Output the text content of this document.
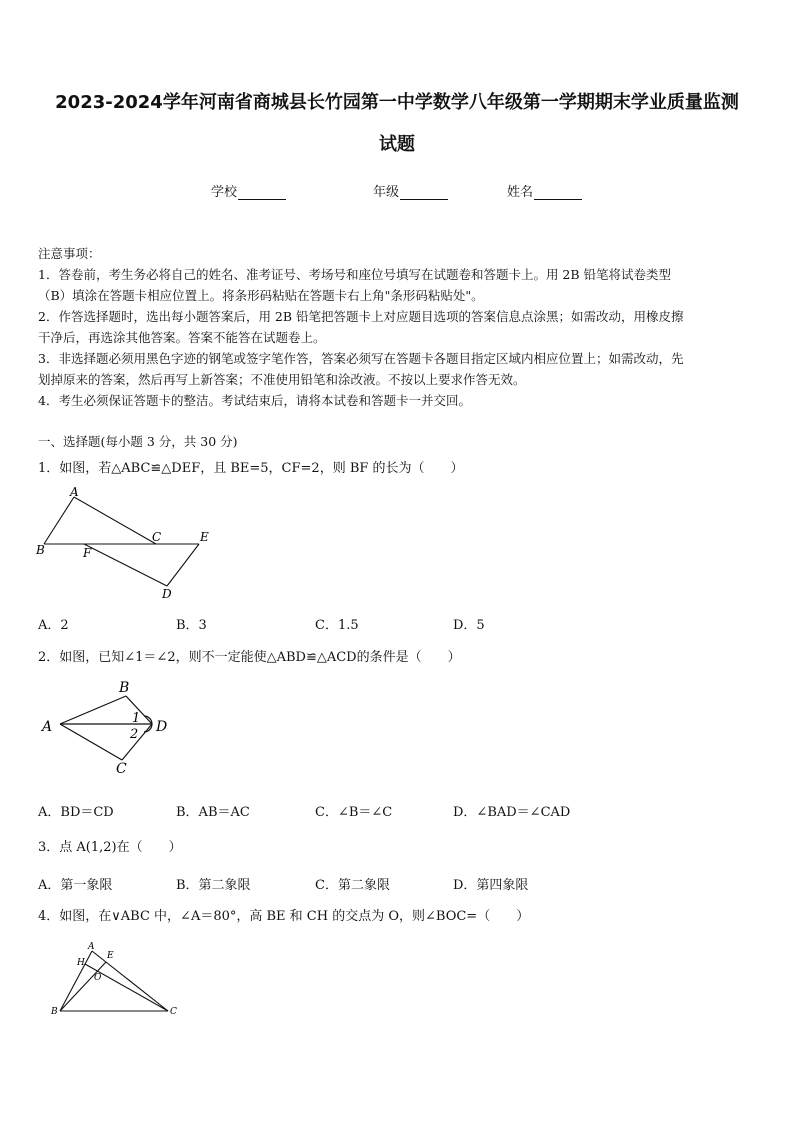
2023-2024学年河南省商城县长竹园第一中学数学八年级第一学期期末学业质量监测
试题
学校	年级	姓名

注意事项：

1．答卷前，考生务必将自己的姓名、准考证号、考场号和座位号填写在试题卷和答题卡上。用 2B 铅笔将试卷类型

（B）填涂在答题卡相应位置上。将条形码粘贴在答题卡右上角"条形码粘贴处"。

2．作答选择题时，选出每小题答案后，用 2B 铅笔把答题卡上对应题目选项的答案信息点涂黑；如需改动，用橡皮擦

干净后，再选涂其他答案。答案不能答在试题卷上。

3．非选择题必须用黑色字迹的钢笔或签字笔作答，答案必须写在答题卡各题目指定区域内相应位置上；如需改动，先

划掉原来的答案，然后再写上新答案；不准使用铅笔和涂改液。不按以上要求作答无效。

4．考生必须保证答题卡的整洁。考试结束后，请将本试卷和答题卡一并交回。

一、选择题(每小题 3 分，共 30 分)
1．如图，若△ABC≌△DEF，且 BE=5，CF=2，则 BF 的长为（　　）
A
B
C	E
F
D
A．2	B．3	C．1.5	D．5
2．如图，已知∠1＝∠2，则不一定能使△ABD≌△ACD的条件是（　　）
B
A
1
2 D
C
A．BD＝CD	B．AB＝AC	C．∠B＝∠C	D．∠BAD＝∠CAD
3．点 A(1,2)在（　　）
A．第一象限	B．第二象限	C．第二象限	D．第四象限
4．如图，在∨ABC 中，∠A＝80°，高 BE 和 CH 的交点为 O，则∠BOC=（　　）
A
E
H
O
B	C
